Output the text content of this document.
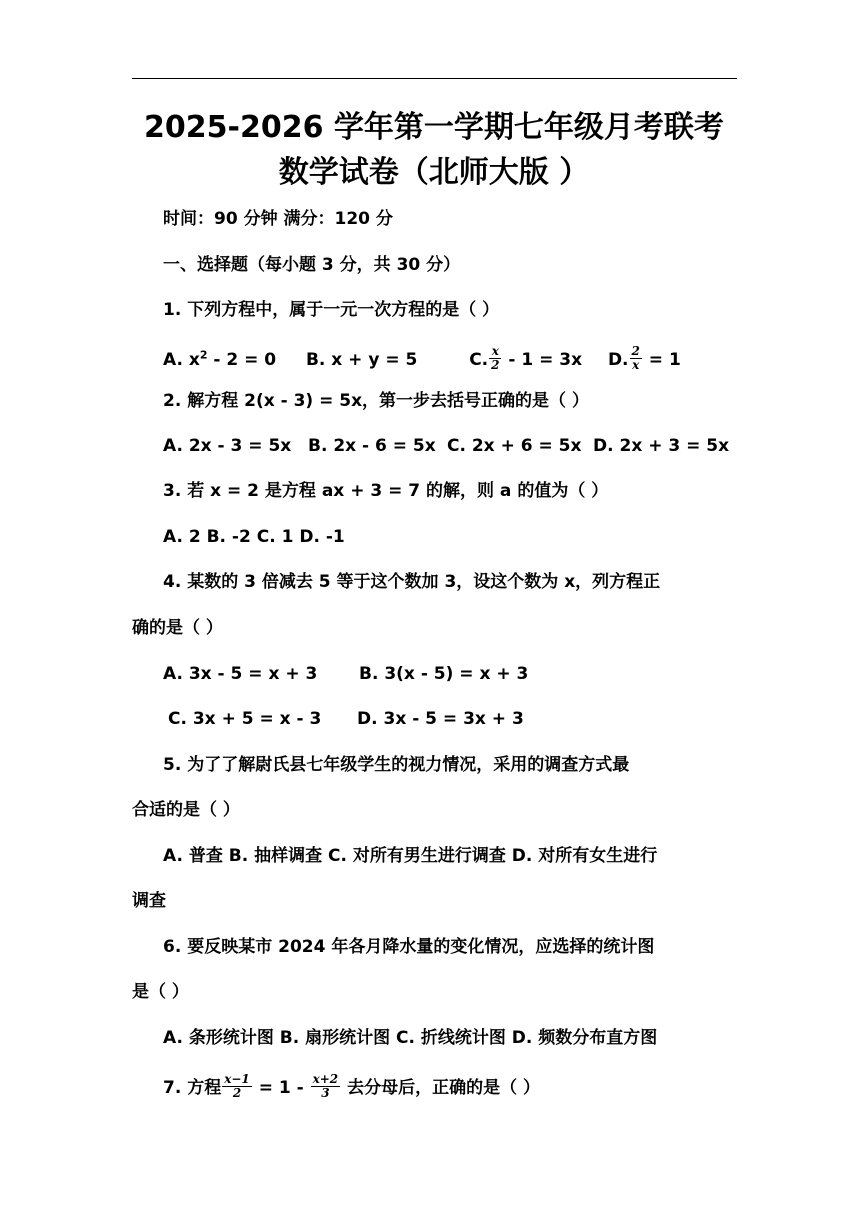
2025-2026 学年第一学期七年级月考联考
数学试卷（北师大版 ）
时间：90 分钟 满分：120 分
一、选择题（每小题 3 分，共 30 分）
1. 下列方程中，属于一元一次方程的是（ ）
A. $x^2 - 2 = 0$ B. x + y = 5	C. $\frac{x}{2} - 1 = 3x$ D. $\frac{2}{x} = 1$
2. 解方程 2(x - 3) = 5x，第一步去括号正确的是（ ）
A. 2x - 3 = 5x B. 2x - 6 = 5x C. 2x + 6 = 5x D. 2x + 3 = 5x
3. 若 x = 2 是方程 ax + 3 = 7 的解，则 a 的值为（ ）
A. 2 B. -2 C. 1 D. -1
4. 某数的 3 倍减去 5 等于这个数加 3，设这个数为 x，列方程正
确的是（ ）
A. 3x - 5 = x + 3 B. 3(x - 5) = x + 3
C. 3x + 5 = x - 3 D. 3x - 5 = 3x + 3
5. 为了了解尉氏县七年级学生的视力情况，采用的调查方式最
合适的是（ ）
A. 普查 B. 抽样调查 C. 对所有男生进行调查 D. 对所有女生进行
调查
6. 要反映某市 2024 年各月降水量的变化情况，应选择的统计图
是（ ）
A. 条形统计图 B. 扇形统计图 C. 折线统计图 D. 频数分布直方图
7. 方程 $\frac{x-1}{2} = 1 - \frac{x+2}{3}$ 去分母后，正确的是（ ）
